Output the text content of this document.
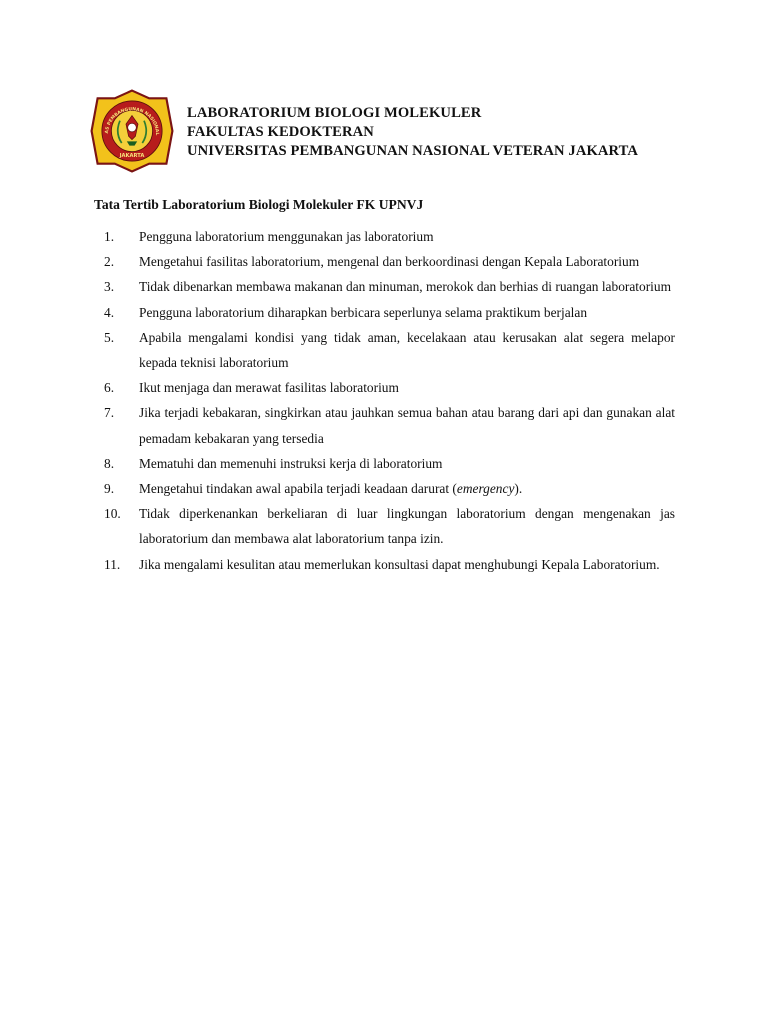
AS PEMBANGUNAN NASIONAL
JAKARTA
LABORATORIUM BIOLOGI MOLEKULER
FAKULTAS KEDOKTERAN
UNIVERSITAS PEMBANGUNAN NASIONAL VETERAN JAKARTA
Tata Tertib Laboratorium Biologi Molekuler FK UPNVJ
1.	Pengguna laboratorium menggunakan jas laboratorium
2.	Mengetahui fasilitas laboratorium, mengenal dan berkoordinasi dengan Kepala Laboratorium
3.	Tidak dibenarkan membawa makanan dan minuman, merokok dan berhias di ruangan laboratorium
4.	Pengguna laboratorium diharapkan berbicara seperlunya selama praktikum berjalan
5.	Apabila mengalami kondisi yang tidak aman, kecelakaan atau kerusakan alat segera melapor kepada teknisi laboratorium
6.	Ikut menjaga dan merawat fasilitas laboratorium
7.	Jika terjadi kebakaran, singkirkan atau jauhkan semua bahan atau barang dari api dan gunakan alat pemadam kebakaran yang tersedia
8.	Mematuhi dan memenuhi instruksi kerja di laboratorium
9.	Mengetahui tindakan awal apabila terjadi keadaan darurat (emergency).
10.	Tidak diperkenankan berkeliaran di luar lingkungan laboratorium dengan mengenakan jas laboratorium dan membawa alat laboratorium tanpa izin.
11.	Jika mengalami kesulitan atau memerlukan konsultasi dapat menghubungi Kepala Laboratorium.
